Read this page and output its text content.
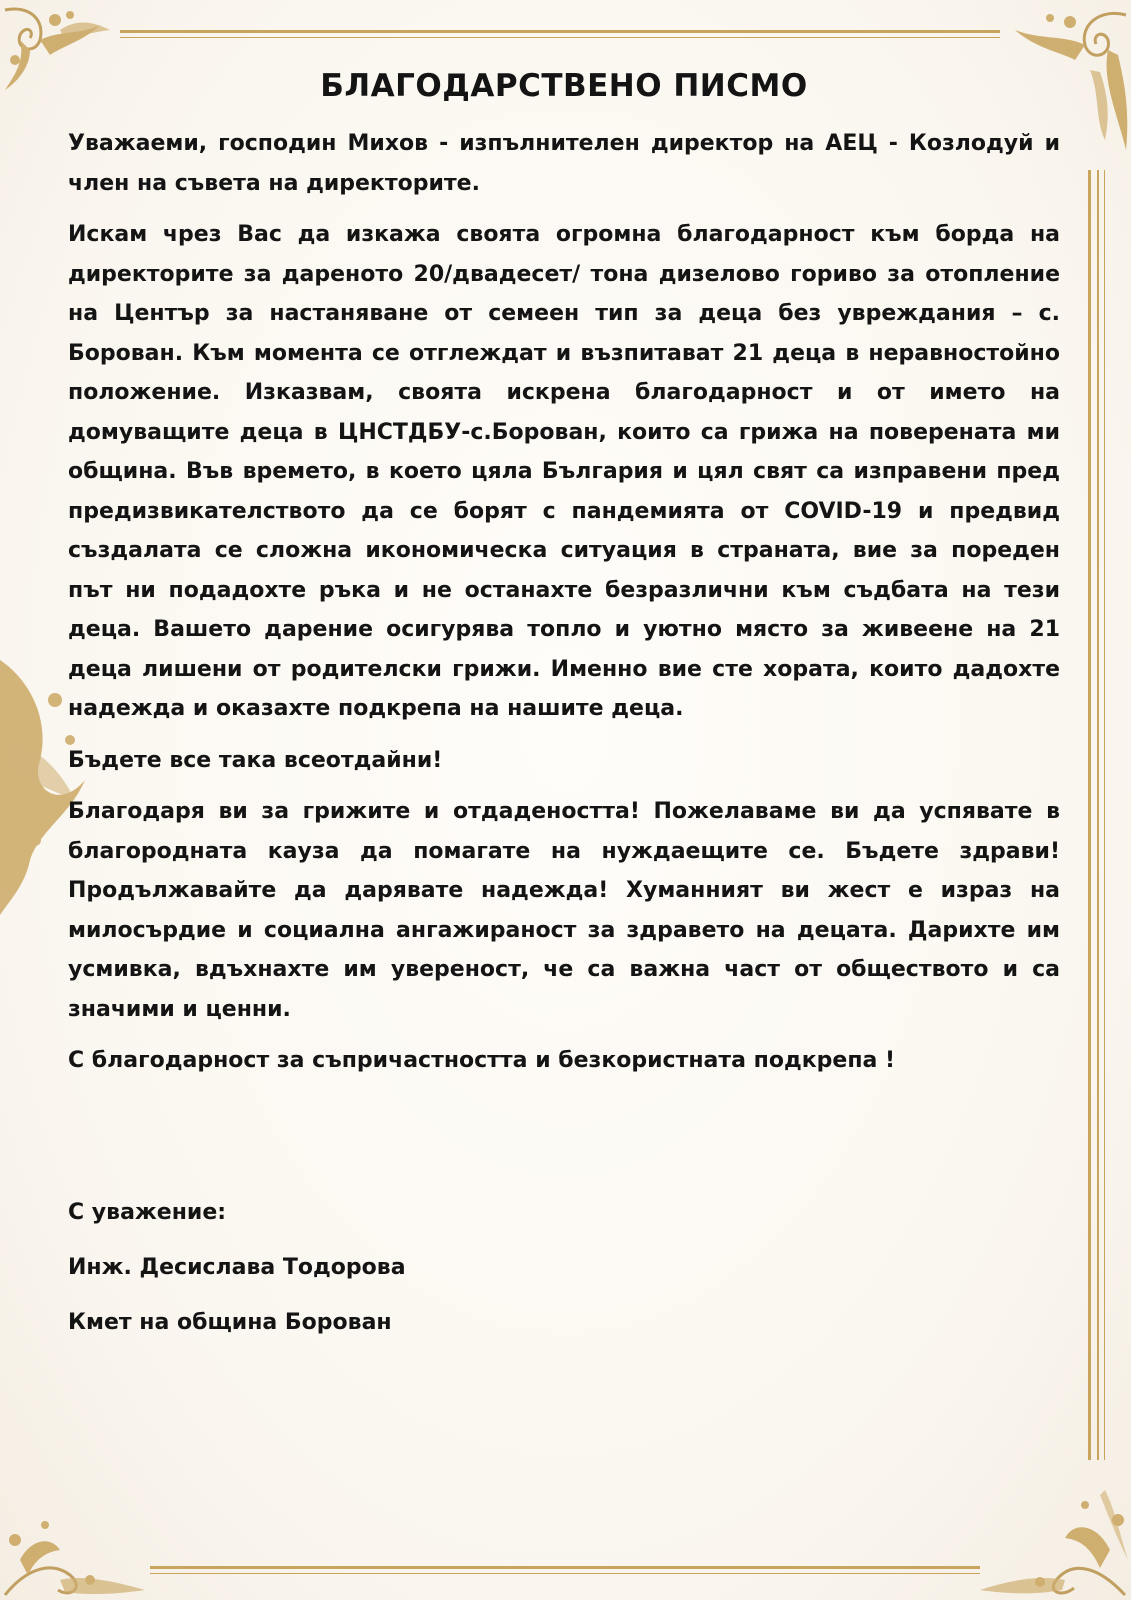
БЛАГОДАРСТВЕНО ПИСМО

Уважаеми, господин Михов - изпълнителен директор на АЕЦ - Козлодуй и член на съвета на директорите.

Искам чрез Вас да изкажа своята огромна благодарност към борда на директорите за дареното 20/двадесет/ тона дизелово гориво за отопление на Център за настаняване от семеен тип за деца без увреждания – с. Борован. Към момента се отглеждат и възпитават 21 деца в неравностойно положение. Изказвам, своята искрена благодарност и от името на домуващите деца в ЦНСТДБУ-с.Борован, които са грижа на поверената ми община. Във времето, в което цяла България и цял свят са изправени пред предизвикателството да се борят с пандемията от COVID-19 и предвид създалата се сложна икономическа ситуация в страната, вие за пореден път ни подадохте ръка и не останахте безразлични към съдбата на тези деца. Вашето дарение осигурява топло и уютно място за живеене на 21 деца лишени от родителски грижи. Именно вие сте хората, които дадохте надежда и оказахте подкрепа на нашите деца.

Бъдете все така всеотдайни!

Благодаря ви за грижите и отдадеността! Пожелаваме ви да успявате в благородната кауза да помагате на нуждаещите се. Бъдете здрави! Продължавайте да дарявате надежда! Хуманният ви жест е израз на милосърдие и социална ангажираност за здравето на децата. Дарихте им усмивка, вдъхнахте им увереност, че са важна част от обществото и са значими и ценни.

С благодарност за съпричастността и безкористната подкрепа !

С уважение:
Инж. Десислава Тодорова
Кмет на община Борован
